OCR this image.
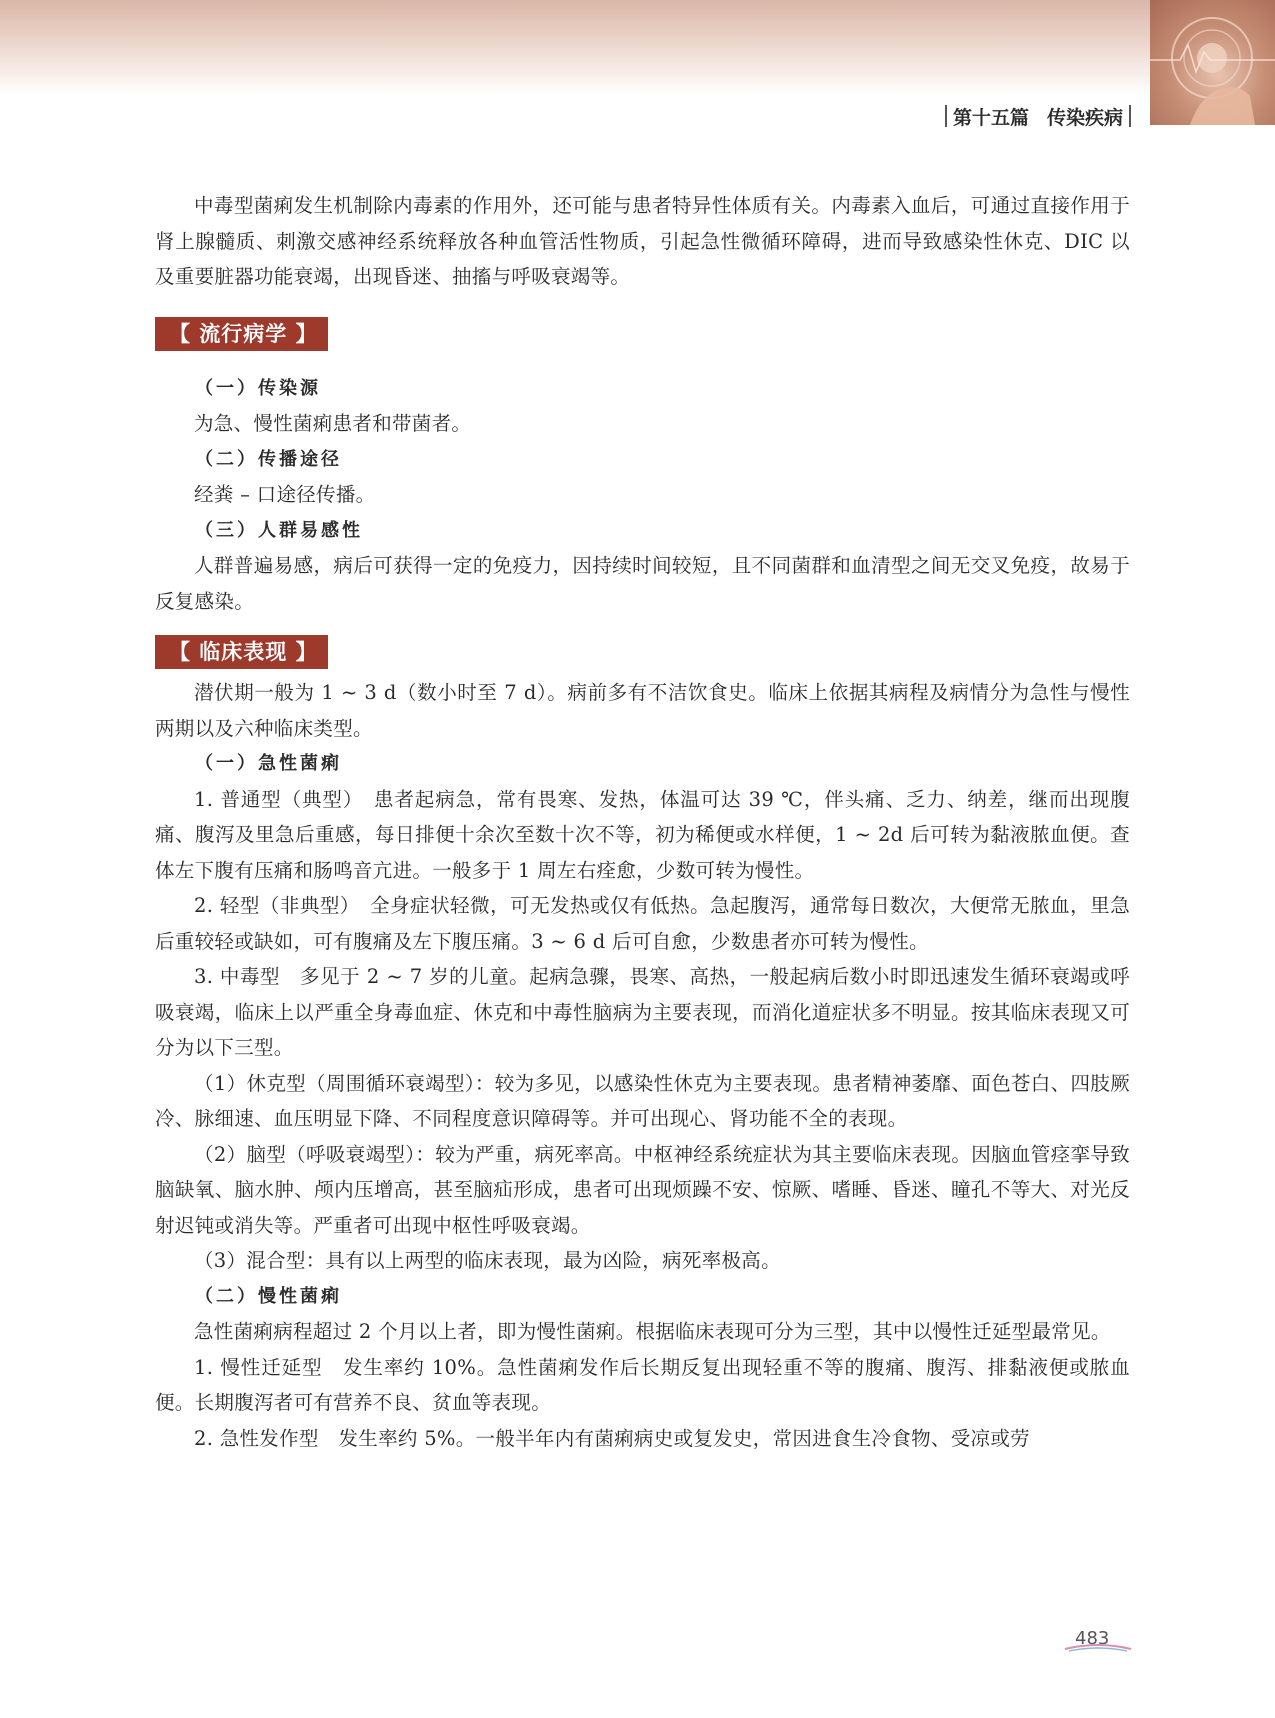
第十五篇 传染疾病

中毒型菌痢发生机制除内毒素的作用外，还可能与患者特异性体质有关。内毒素入血后，可通过直接作用于肾上腺髓质、刺激交感神经系统释放各种血管活性物质，引起急性微循环障碍，进而导致感染性休克、DIC 以及重要脏器功能衰竭，出现昏迷、抽搐与呼吸衰竭等。

【 流行病学 】

（一）传染源

为急、慢性菌痢患者和带菌者。

（二）传播途径

经粪 – 口途径传播。

（三）人群易感性

人群普遍易感，病后可获得一定的免疫力，因持续时间较短，且不同菌群和血清型之间无交叉免疫，故易于反复感染。

【 临床表现 】

潜伏期一般为 1 ~ 3 d（数小时至 7 d）。病前多有不洁饮食史。临床上依据其病程及病情分为急性与慢性两期以及六种临床类型。

（一）急性菌痢

1. 普通型（典型）　患者起病急，常有畏寒、发热，体温可达 39 ℃，伴头痛、乏力、纳差，继而出现腹痛、腹泻及里急后重感，每日排便十余次至数十次不等，初为稀便或水样便，1 ~ 2d 后可转为黏液脓血便。查体左下腹有压痛和肠鸣音亢进。一般多于 1 周左右痊愈，少数可转为慢性。

2. 轻型（非典型）　全身症状轻微，可无发热或仅有低热。急起腹泻，通常每日数次，大便常无脓血，里急后重较轻或缺如，可有腹痛及左下腹压痛。3 ~ 6 d 后可自愈，少数患者亦可转为慢性。

3. 中毒型　多见于 2 ~ 7 岁的儿童。起病急骤，畏寒、高热，一般起病后数小时即迅速发生循环衰竭或呼吸衰竭，临床上以严重全身毒血症、休克和中毒性脑病为主要表现，而消化道症状多不明显。按其临床表现又可分为以下三型。

（1）休克型（周围循环衰竭型）：较为多见，以感染性休克为主要表现。患者精神萎靡、面色苍白、四肢厥冷、脉细速、血压明显下降、不同程度意识障碍等。并可出现心、肾功能不全的表现。

（2）脑型（呼吸衰竭型）：较为严重，病死率高。中枢神经系统症状为其主要临床表现。因脑血管痉挛导致脑缺氧、脑水肿、颅内压增高，甚至脑疝形成，患者可出现烦躁不安、惊厥、嗜睡、昏迷、瞳孔不等大、对光反射迟钝或消失等。严重者可出现中枢性呼吸衰竭。

（3）混合型：具有以上两型的临床表现，最为凶险，病死率极高。

（二）慢性菌痢

急性菌痢病程超过 2 个月以上者，即为慢性菌痢。根据临床表现可分为三型，其中以慢性迁延型最常见。

1. 慢性迁延型　发生率约 10%。急性菌痢发作后长期反复出现轻重不等的腹痛、腹泻、排黏液便或脓血便。长期腹泻者可有营养不良、贫血等表现。

2. 急性发作型　发生率约 5%。一般半年内有菌痢病史或复发史，常因进食生冷食物、受凉或劳

483
